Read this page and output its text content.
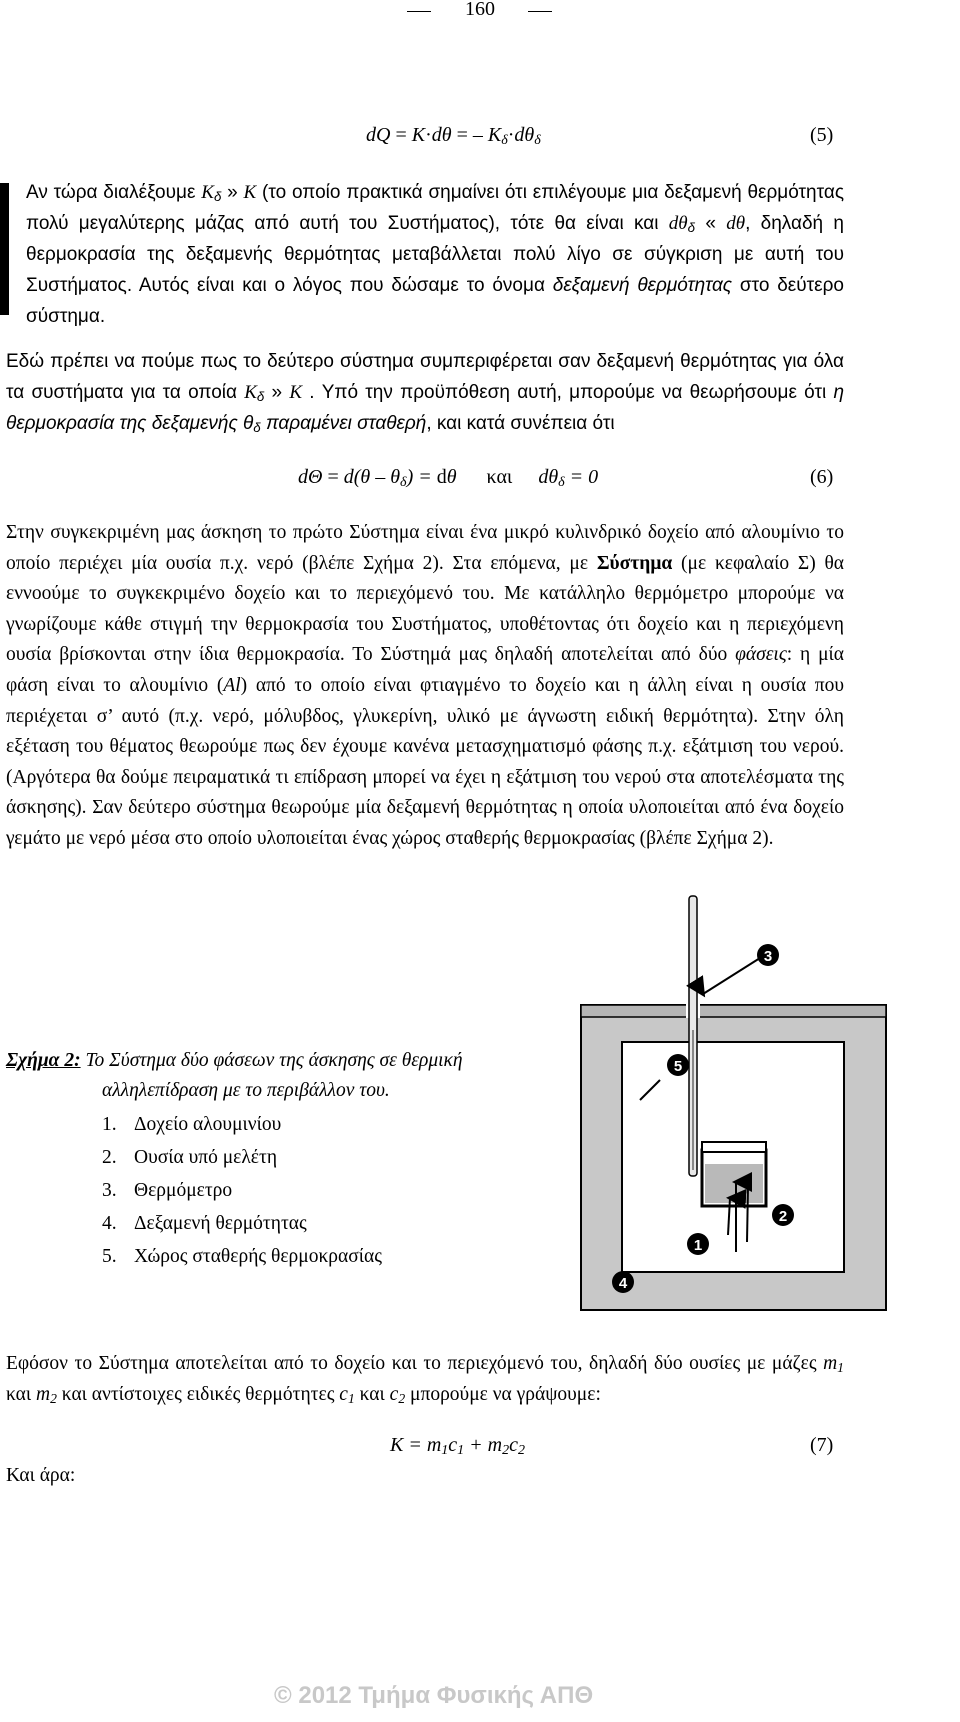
160
dQ = K·dθ = – $K_\delta\cdot d\theta_\delta$	(5)
Αν τώρα διαλέξουμε $K_\delta$ » K (το οποίο πρακτικά σημαίνει ότι επιλέγουμε μια δεξαμενή θερμότητας πολύ μεγαλύτερης μάζας από αυτή του Συστήματος), τότε θα είναι και $d\theta_\delta$ « dθ, δηλαδή η θερμοκρασία της δεξαμενής θερμότητας μεταβάλλεται πολύ λίγο σε σύγκριση με αυτή του Συστήματος. Αυτός είναι και ο λόγος που δώσαμε το όνομα δεξαμενή θερμότητας στο δεύτερο σύστημα.
Εδώ πρέπει να πούμε πως το δεύτερο σύστημα συμπεριφέρεται σαν δεξαμενή θερμότητας για όλα τα συστήματα για τα οποία $K_\delta$ » K . Υπό την προϋπόθεση αυτή, μπορούμε να θεωρήσουμε ότι η θερμοκρασία της δεξαμενής $\theta_\delta$ παραμένει σταθερή, και κατά συνέπεια ότι
$d\Theta = d(\theta - \theta_\delta) = d\theta$ και $d\theta_\delta = 0$	(6)
Στην συγκεκριμένη μας άσκηση το πρώτο Σύστημα είναι ένα μικρό κυλινδρικό δοχείο από αλουμίνιο το οποίο περιέχει μία ουσία π.χ. νερό (βλέπε Σχήμα 2). Στα επόμενα, με Σύστημα (με κεφαλαίο Σ) θα εννοούμε το συγκεκριμένο δοχείο και το περιεχόμενό του. Με κατάλληλο θερμόμετρο μπορούμε να γνωρίζουμε κάθε στιγμή την θερμοκρασία του Συστήματος, υποθέτοντας ότι δοχείο και η περιεχόμενη ουσία βρίσκονται στην ίδια θερμοκρασία. Το Σύστημά μας δηλαδή αποτελείται από δύο φάσεις: η μία φάση είναι το αλουμίνιο (Al) από το οποίο είναι φτιαγμένο το δοχείο και η άλλη είναι η ουσία που περιέχεται σ’ αυτό (π.χ. νερό, μόλυβδος, γλυκερίνη, υλικό με άγνωστη ειδική θερμότητα). Στην όλη εξέταση του θέματος θεωρούμε πως δεν έχουμε κανένα μετασχηματισμό φάσης π.χ. εξάτμιση του νερού. (Αργότερα θα δούμε πειραματικά τι επίδραση μπορεί να έχει η εξάτμιση του νερού στα αποτελέσματα της άσκησης). Σαν δεύτερο σύστημα θεωρούμε μία δεξαμενή θερμότητας η οποία υλοποιείται από ένα δοχείο γεμάτο με νερό μέσα στο οποίο υλοποιείται ένας χώρος σταθερής θερμοκρασίας (βλέπε Σχήμα 2).
Σχήμα 2: Το Σύστημα δύο φάσεων της άσκησης σε θερμική
αλληλεπίδραση με το περιβάλλον του.
1. Δοχείο αλουμινίου
2. Ουσία υπό μελέτη
3. Θερμόμετρο
4. Δεξαμενή θερμότητας
5. Χώρος σταθερής θερμοκρασίας
1
2
3
4
5
Εφόσον το Σύστημα αποτελείται από το δοχείο και το περιεχόμενό του, δηλαδή δύο ουσίες με μάζες $m_1$ και $m_2$ και αντίστοιχες ειδικές θερμότητες $c_1$ και $c_2$ μπορούμε να γράψουμε:
$K = m_1c_1 + m_2c_2$	(7)
Και άρα:
© 2012 Τμήμα Φυσικής ΑΠΘ
